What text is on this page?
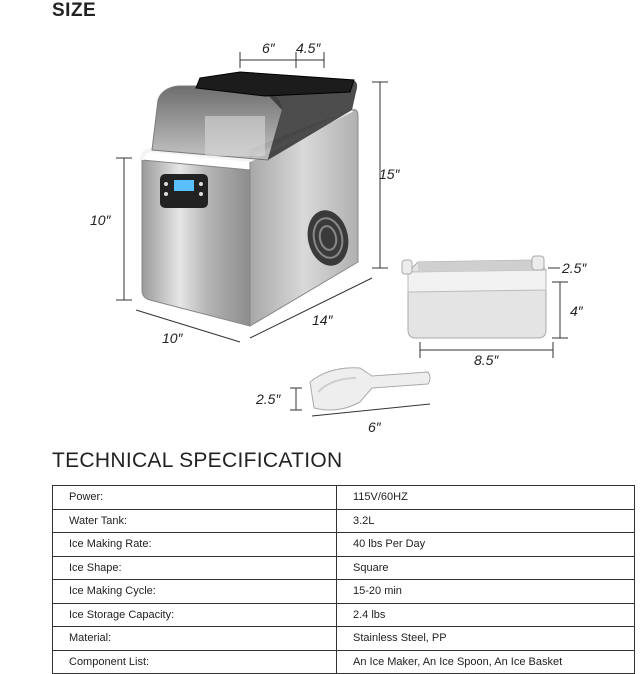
SIZE
6″ 4.5″
15″
10″
10″
14″
2.5″
4″
8.5″
2.5″
6″
TECHNICAL SPECIFICATION
Power:	115V/60HZ
Water Tank:	3.2L
Ice Making Rate:	40 lbs Per Day
Ice Shape:	Square
Ice Making Cycle:	15-20 min
Ice Storage Capacity:	2.4 lbs
Material:	Stainless Steel, PP
Component List:	An Ice Maker, An Ice Spoon, An Ice Basket
